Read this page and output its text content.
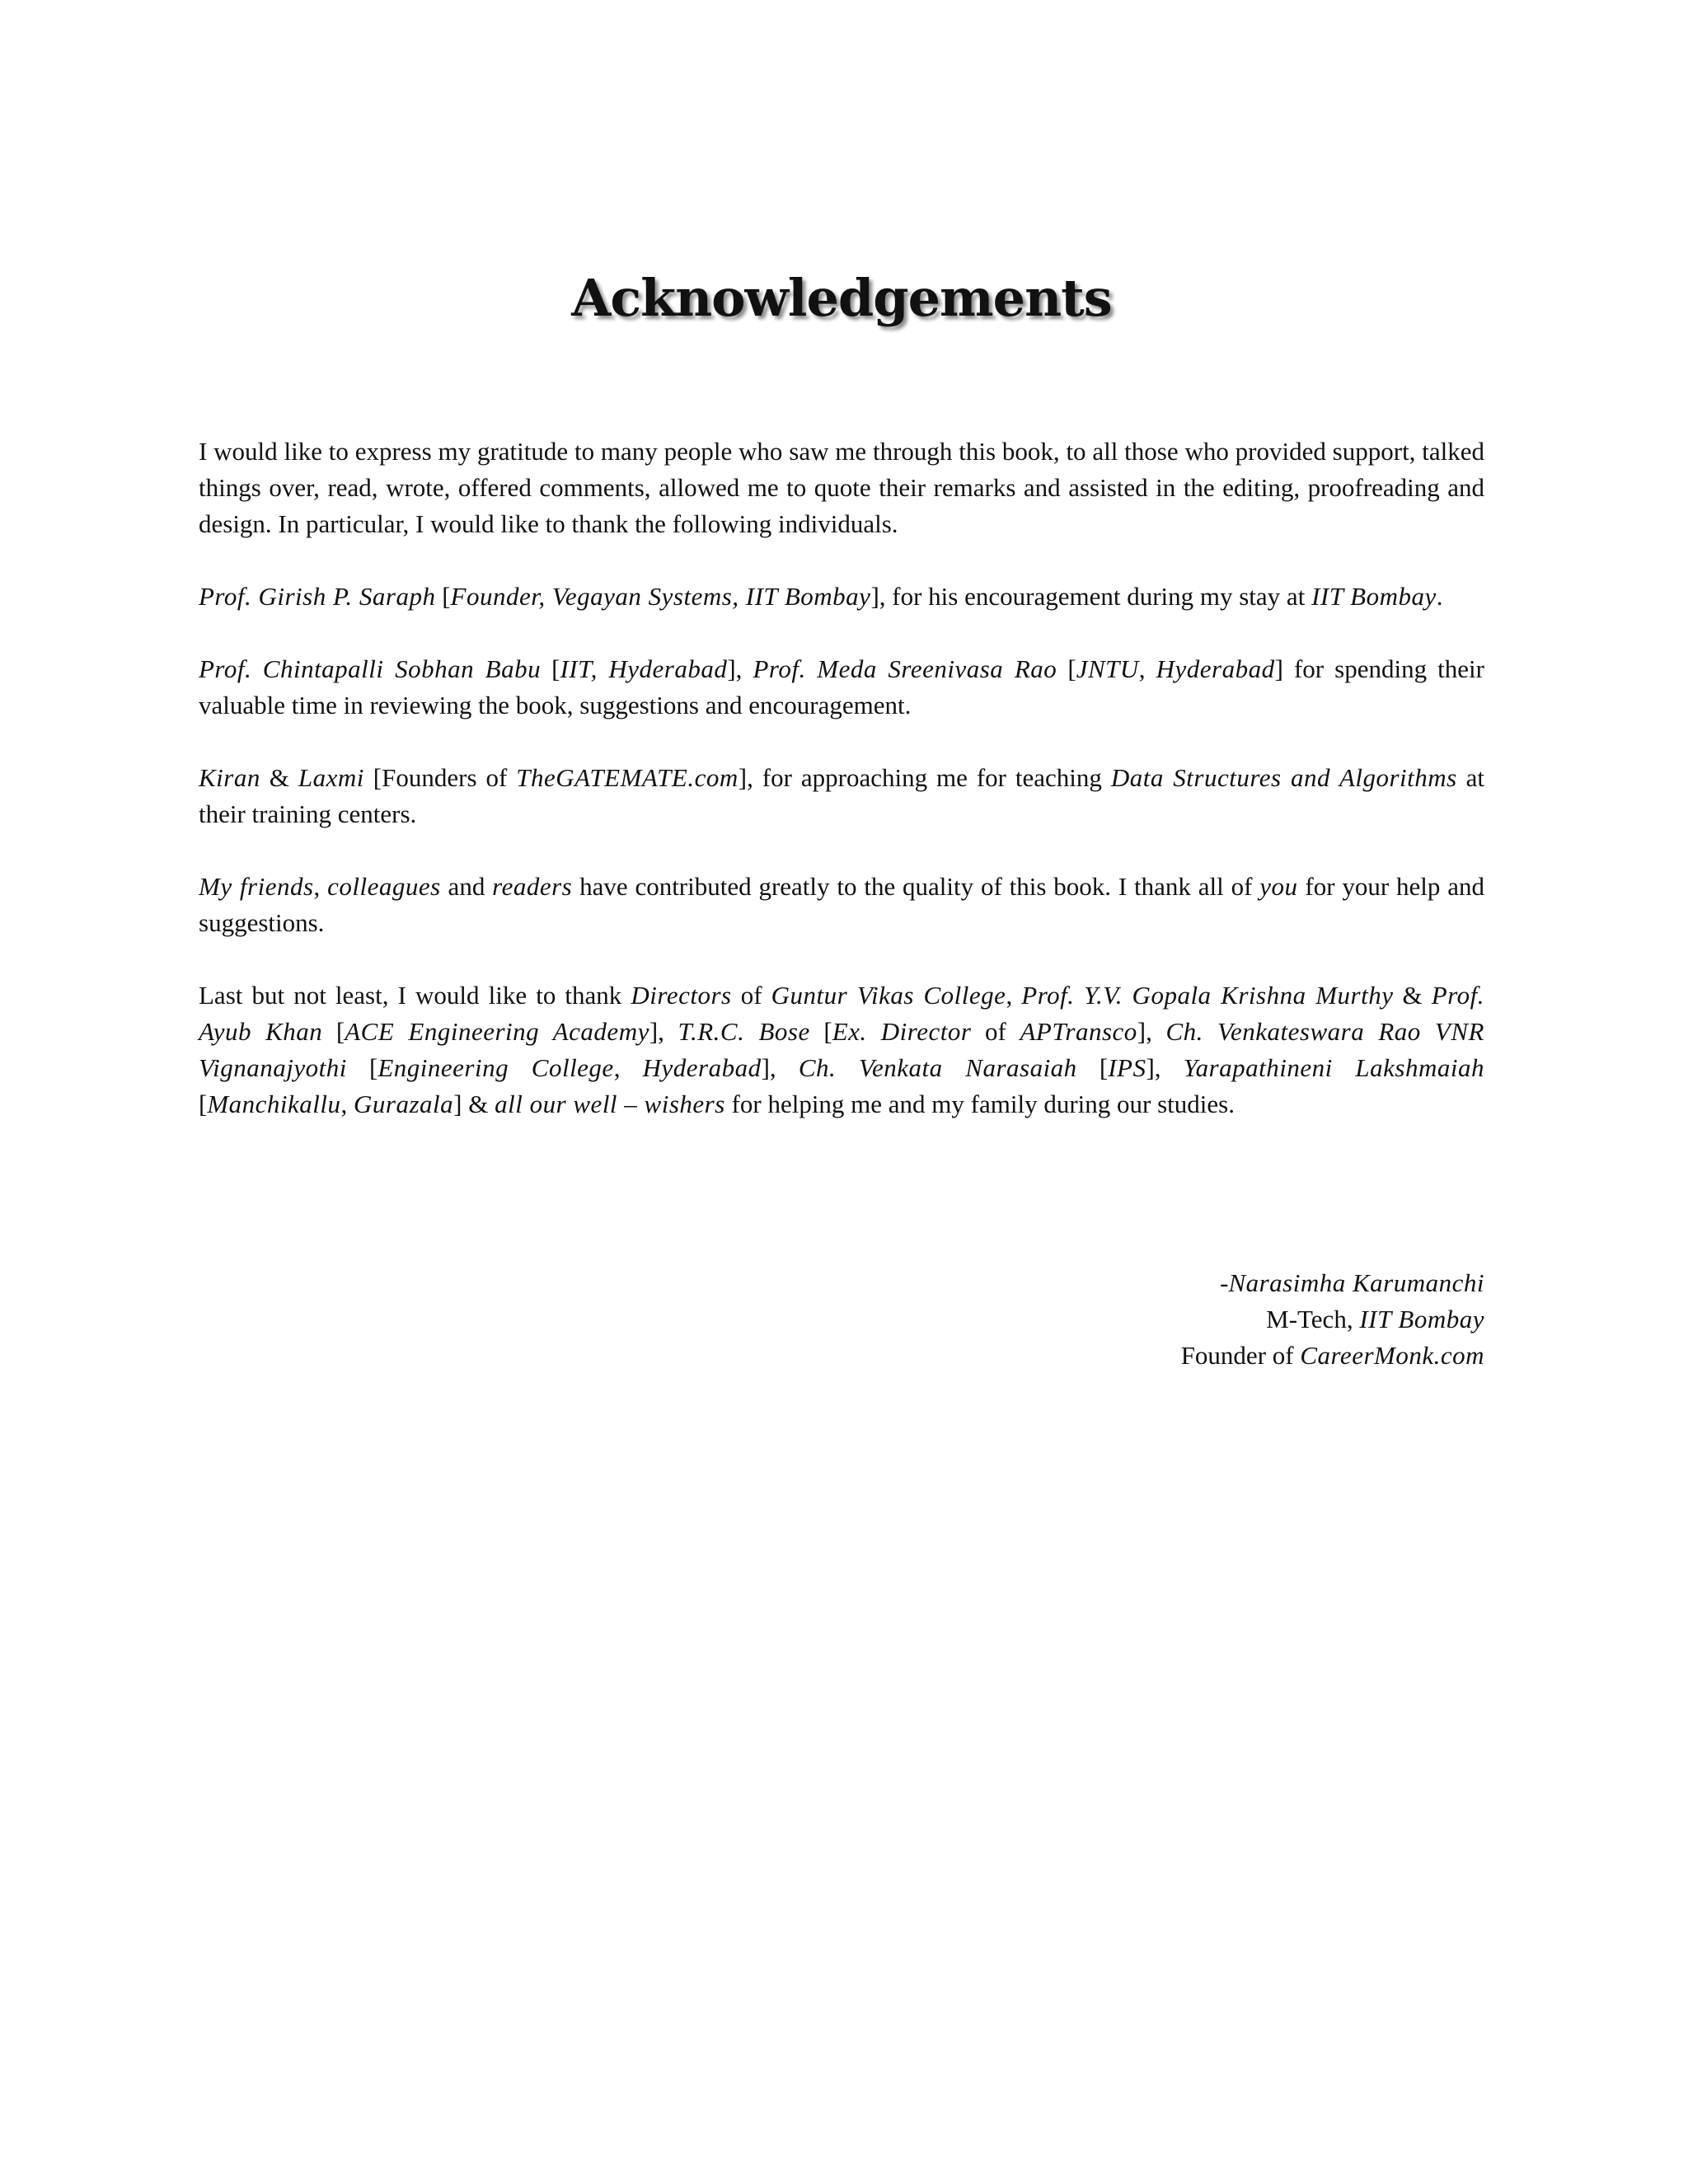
Acknowledgements

I would like to express my gratitude to many people who saw me through this book, to all those who provided support, talked things over, read, wrote, offered comments, allowed me to quote their remarks and assisted in the editing, proofreading and design. In particular, I would like to thank the following individuals.

Prof. Girish P. Saraph [Founder, Vegayan Systems, IIT Bombay], for his encouragement during my stay at IIT Bombay.

Prof. Chintapalli Sobhan Babu [IIT, Hyderabad], Prof. Meda Sreenivasa Rao [JNTU, Hyderabad] for spending their valuable time in reviewing the book, suggestions and encouragement.

Kiran & Laxmi [Founders of TheGATEMATE.com], for approaching me for teaching Data Structures and Algorithms at their training centers.

My friends, colleagues and readers have contributed greatly to the quality of this book. I thank all of you for your help and suggestions.

Last but not least, I would like to thank Directors of Guntur Vikas College, Prof. Y.V. Gopala Krishna Murthy & Prof. Ayub Khan [ACE Engineering Academy], T.R.C. Bose [Ex. Director of APTransco], Ch. Venkateswara Rao VNR Vignanajyothi [Engineering College, Hyderabad], Ch. Venkata Narasaiah [IPS], Yarapathineni Lakshmaiah [Manchikallu, Gurazala] & all our well – wishers for helping me and my family during our studies.

-Narasimha Karumanchi
M-Tech, IIT Bombay
Founder of CareerMonk.com
